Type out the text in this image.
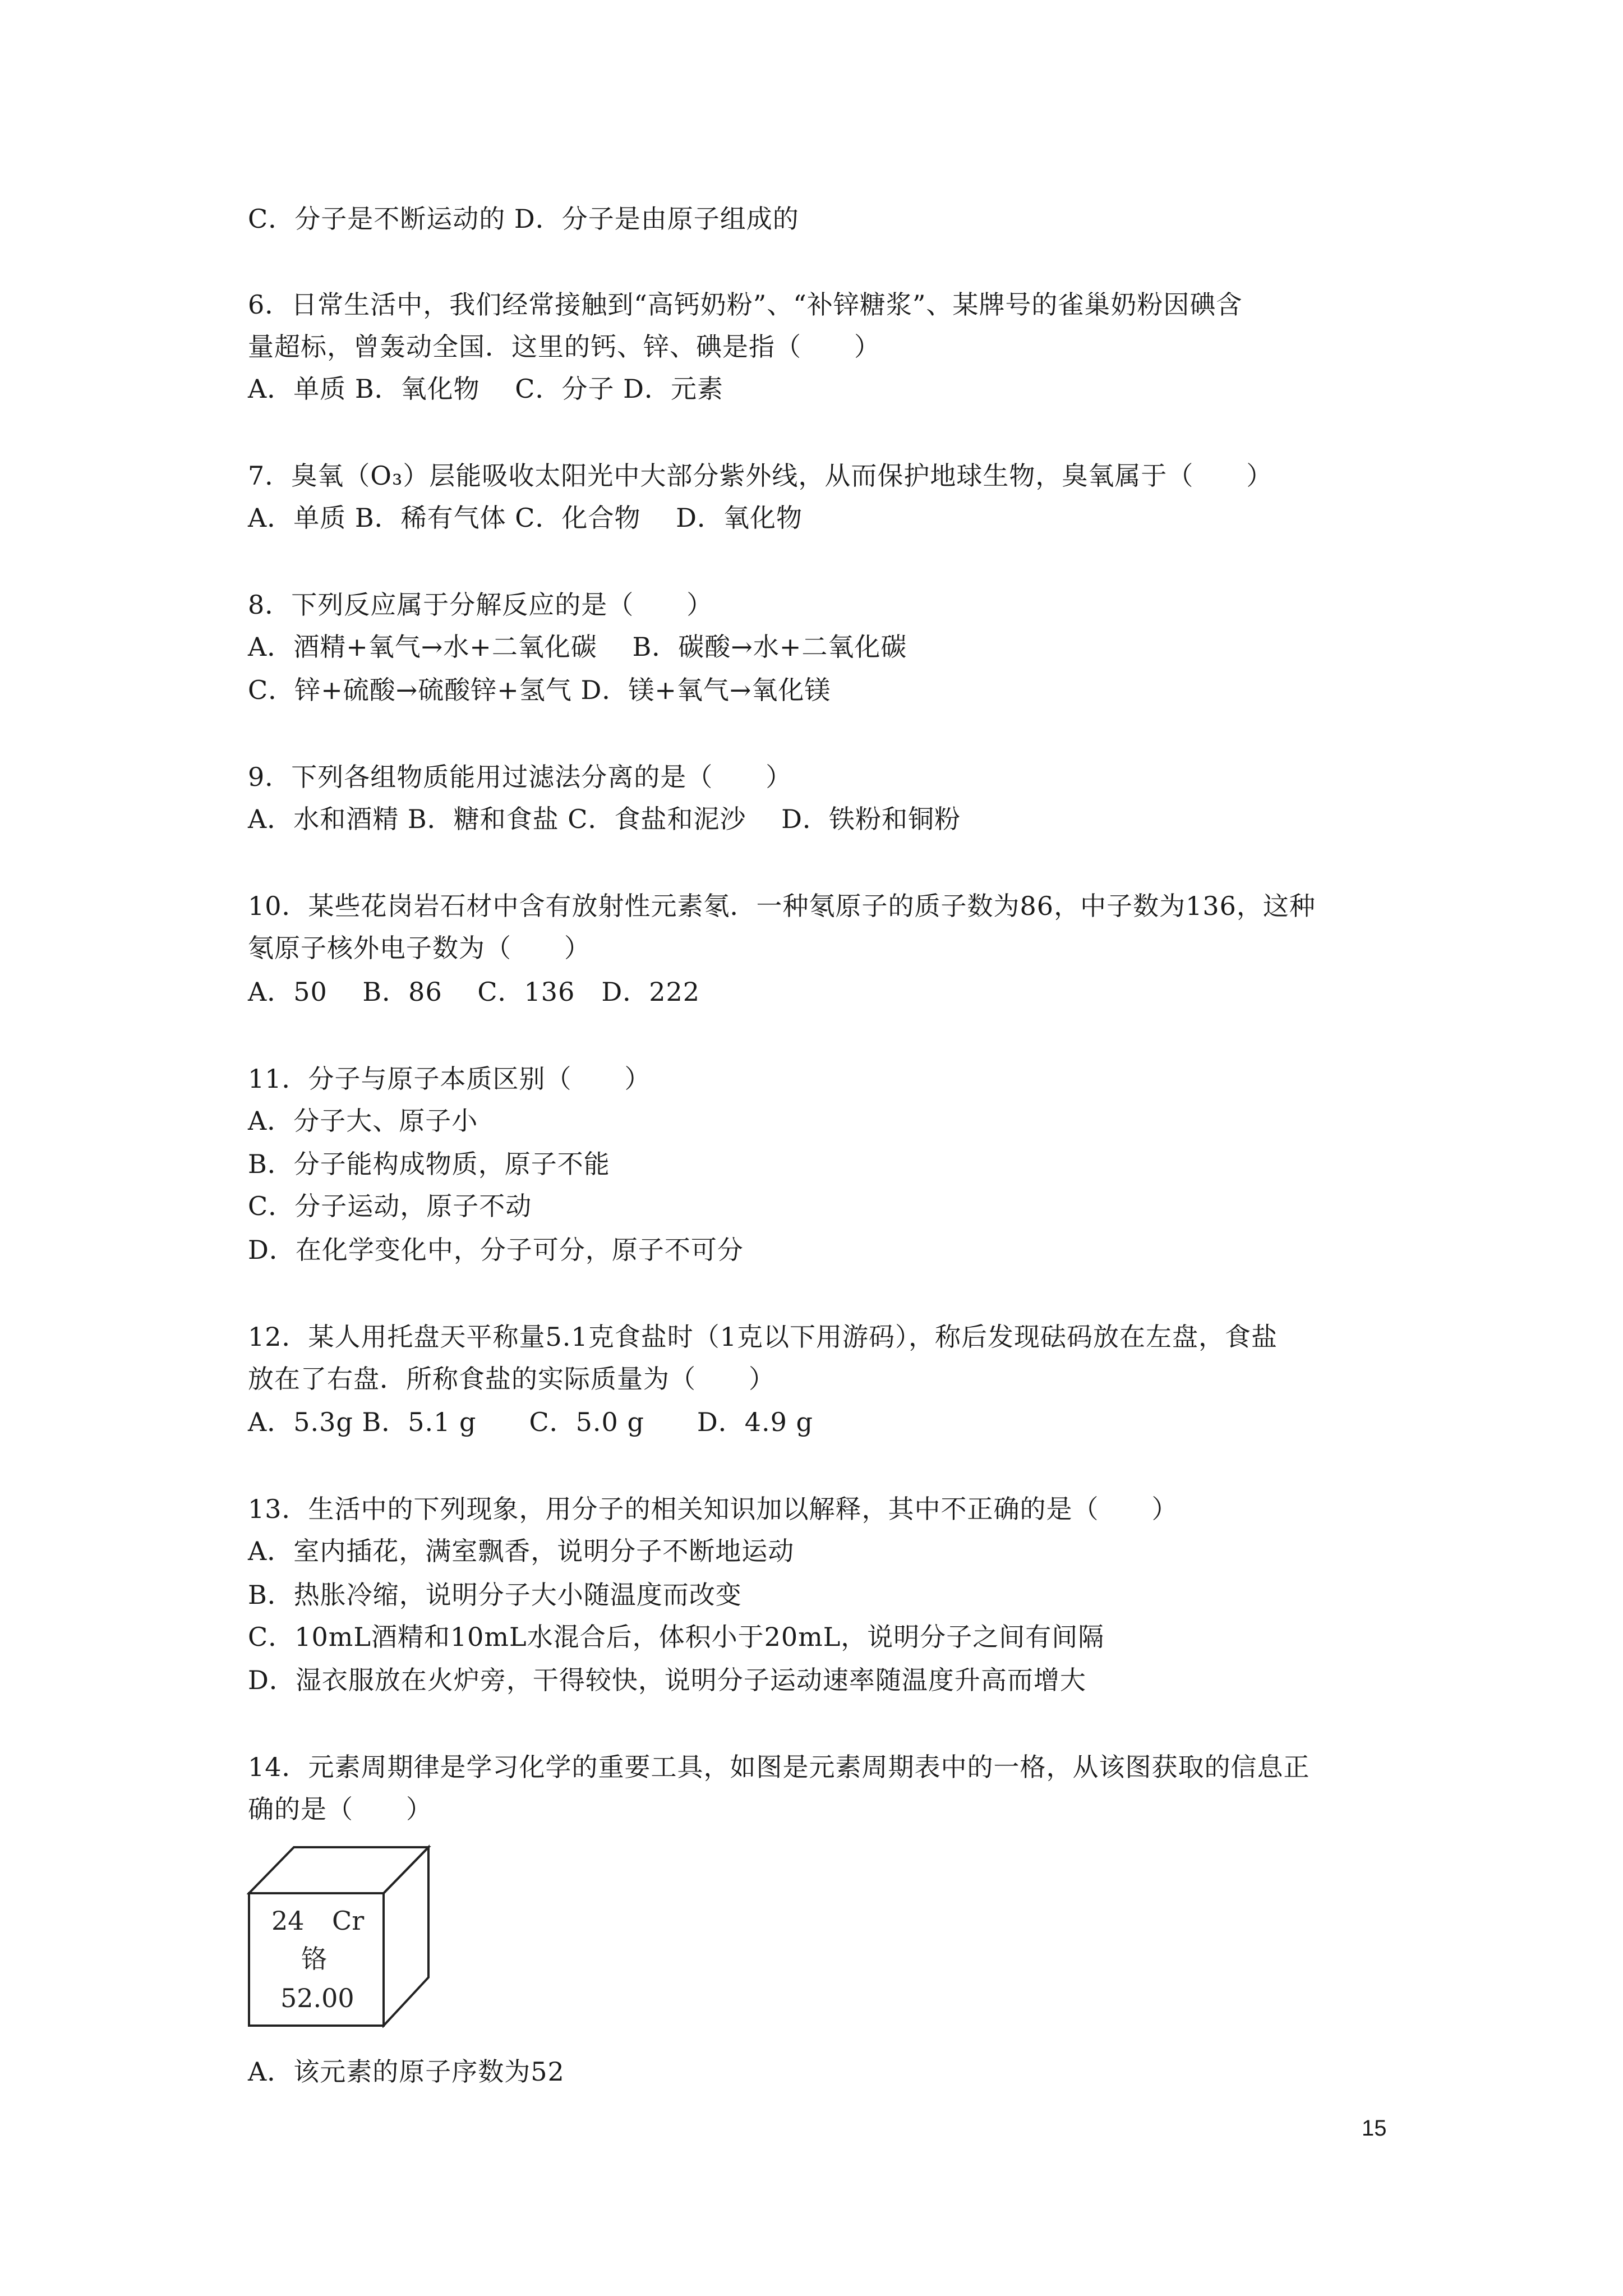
C．分子是不断运动的 D．分子是由原子组成的
6．日常生活中，我们经常接触到“高钙奶粉”、“补锌糖浆”、某牌号的雀巢奶粉因碘含
量超标，曾轰动全国．这里的钙、锌、碘是指（　　）
A．单质 B．氧化物　 C．分子 D．元素
7．臭氧（O₃）层能吸收太阳光中大部分紫外线，从而保护地球生物，臭氧属于（　　）
A．单质 B．稀有气体 C．化合物　 D．氧化物
8．下列反应属于分解反应的是（　　）
A．酒精+氧气→水+二氧化碳　 B．碳酸→水+二氧化碳
C．锌+硫酸→硫酸锌+氢气 D．镁+氧气→氧化镁
9．下列各组物质能用过滤法分离的是（　　）
A．水和酒精 B．糖和食盐 C．食盐和泥沙　 D．铁粉和铜粉
10．某些花岗岩石材中含有放射性元素氡．一种氡原子的质子数为86，中子数为136，这种
氡原子核外电子数为（　　）
A．50　 B．86　 C．136　D．222
11．分子与原子本质区别（　　）
A．分子大、原子小
B．分子能构成物质，原子不能
C．分子运动，原子不动
D．在化学变化中，分子可分，原子不可分
12．某人用托盘天平称量5.1克食盐时（1克以下用游码），称后发现砝码放在左盘，食盐
放在了右盘．所称食盐的实际质量为（　　）
A．5.3g B．5.1 g　　C．5.0 g　　D．4.9 g
13．生活中的下列现象，用分子的相关知识加以解释，其中不正确的是（　　）
A．室内插花，满室飘香，说明分子不断地运动
B．热胀冷缩，说明分子大小随温度而改变
C．10mL酒精和10mL水混合后，体积小于20mL，说明分子之间有间隔
D．湿衣服放在火炉旁，干得较快，说明分子运动速率随温度升高而增大
14．元素周期律是学习化学的重要工具，如图是元素周期表中的一格，从该图获取的信息正
确的是（　　）
24 Cr
铬
52.00
A．该元素的原子序数为52
15
